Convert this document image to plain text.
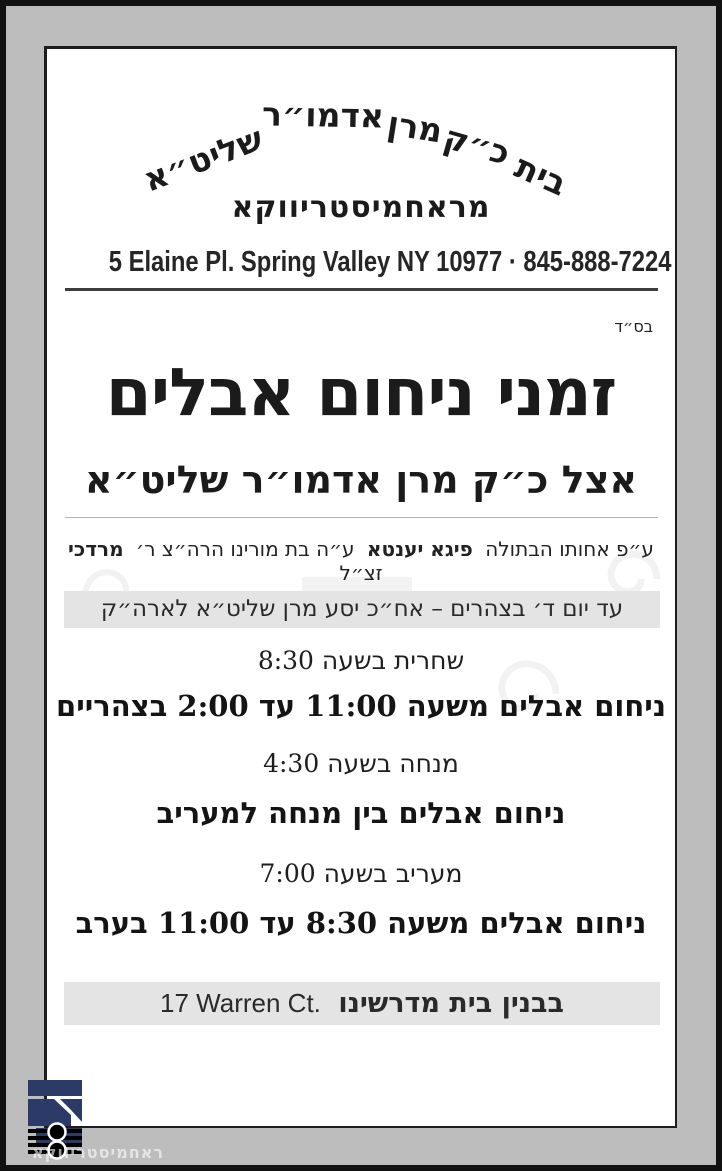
בית
כ״ק
מרן
אדמו״ר
שליט״א
מראחמיסטריווקא
5 Elaine Pl. Spring Valley NY 10977 · 845-888-7224
בס״ד
זמני ניחום אבלים
אצל כ״ק מרן אדמו״ר שליט״א

ע״פ אחותו הבתולה פיגא יענטא ע״ה בת מורינו הרה״צ ר׳ מרדכי זצ״ל

עד יום ד׳ בצהרים – אח״כ יסע מרן שליט״א לארה״ק

שחרית בשעה 8:30

ניחום אבלים משעה 11:00 עד 2:00 בצהריים

מנחה בשעה 4:30

ניחום אבלים בין מנחה למעריב

מעריב בשעה 7:00

ניחום אבלים משעה 8:30 עד 11:00 בערב

בבנין בית מדרשינו 17 Warren Ct.
ראחמיסטריווקא
